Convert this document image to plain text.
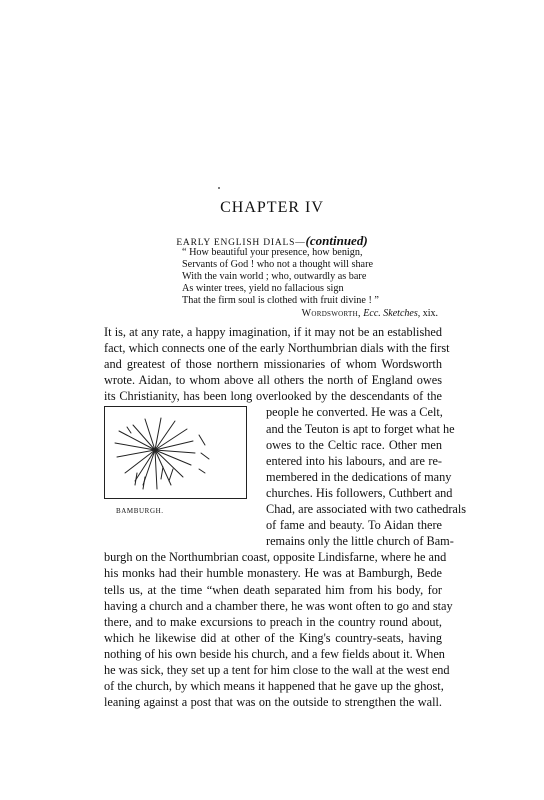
CHAPTER IV
EARLY ENGLISH DIALS—(continued)
“ How beautiful your presence, how benign,
Servants of God ! who not a thought will share
With the vain world ; who, outwardly as bare
As winter trees, yield no fallacious sign
That the firm soul is clothed with fruit divine ! ”
Wordsworth, Ecc. Sketches, xix.
BAMBURGH.
It is, at any rate, a happy imagination, if it may not be an established
fact, which connects one of the early Northumbrian dials with the first
and greatest of those northern missionaries of whom Wordsworth
wrote. Aidan, to whom above all others the north of England owes
its Christianity, has been long overlooked by the descendants of the
people he converted. He was a Celt,
and the Teuton is apt to forget what he
owes to the Celtic race. Other men
entered into his labours, and are re-
membered in the dedications of many
churches. His followers, Cuthbert and
Chad, are associated with two cathedrals
of fame and beauty. To Aidan there
remains only the little church of Bam-
burgh on the Northumbrian coast, opposite Lindisfarne, where he and
his monks had their humble monastery. He was at Bamburgh, Bede
tells us, at the time “when death separated him from his body, for
having a church and a chamber there, he was wont often to go and stay
there, and to make excursions to preach in the country round about,
which he likewise did at other of the King's country-seats, having
nothing of his own beside his church, and a few fields about it. When
he was sick, they set up a tent for him close to the wall at the west end
of the church, by which means it happened that he gave up the ghost,
leaning against a post that was on the outside to strengthen the wall.
